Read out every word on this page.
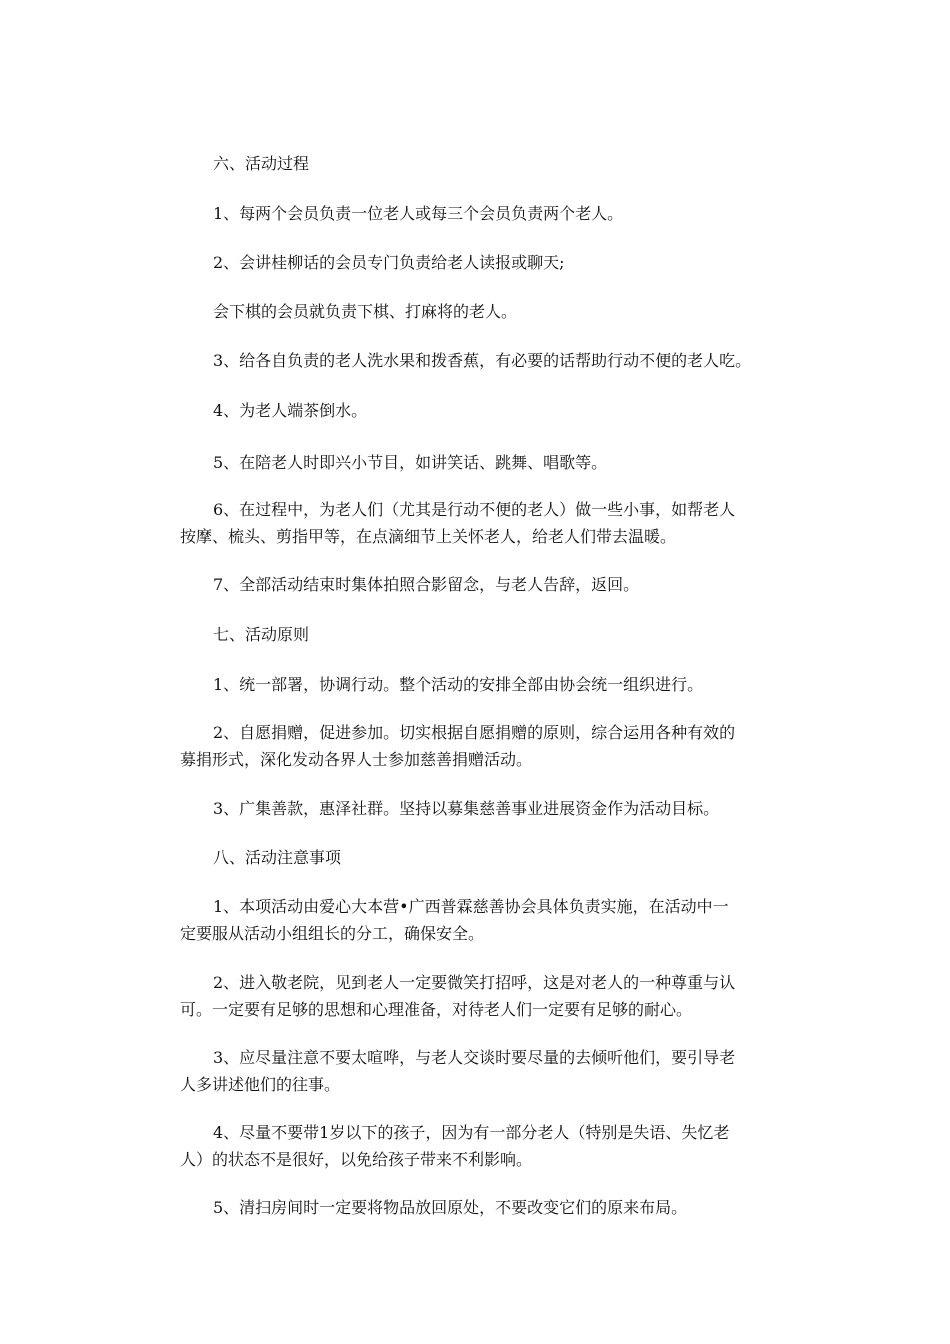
六、活动过程

1、每两个会员负责一位老人或每三个会员负责两个老人。

2、会讲桂柳话的会员专门负责给老人读报或聊天;

会下棋的会员就负责下棋、打麻将的老人。

3、给各自负责的老人洗水果和拨香蕉，有必要的话帮助行动不便的老人吃。

4、为老人端茶倒水。

5、在陪老人时即兴小节目，如讲笑话、跳舞、唱歌等。

6、在过程中，为老人们（尤其是行动不便的老人）做一些小事，如帮老人
按摩、梳头、剪指甲等，在点滴细节上关怀老人，给老人们带去温暖。

7、全部活动结束时集体拍照合影留念，与老人告辞，返回。

七、活动原则

1、统一部署，协调行动。整个活动的安排全部由协会统一组织进行。

2、自愿捐赠，促进参加。切实根据自愿捐赠的原则，综合运用各种有效的
募捐形式，深化发动各界人士参加慈善捐赠活动。

3、广集善款，惠泽社群。坚持以募集慈善事业进展资金作为活动目标。

八、活动注意事项

1、本项活动由爱心大本营•广西普霖慈善协会具体负责实施，在活动中一
定要服从活动小组组长的分工，确保安全。

2、进入敬老院，见到老人一定要微笑打招呼，这是对老人的一种尊重与认
可。一定要有足够的思想和心理准备，对待老人们一定要有足够的耐心。

3、应尽量注意不要太喧哗，与老人交谈时要尽量的去倾听他们，要引导老
人多讲述他们的往事。

4、尽量不要带1岁以下的孩子，因为有一部分老人（特别是失语、失忆老
人）的状态不是很好，以免给孩子带来不利影响。

5、清扫房间时一定要将物品放回原处，不要改变它们的原来布局。
